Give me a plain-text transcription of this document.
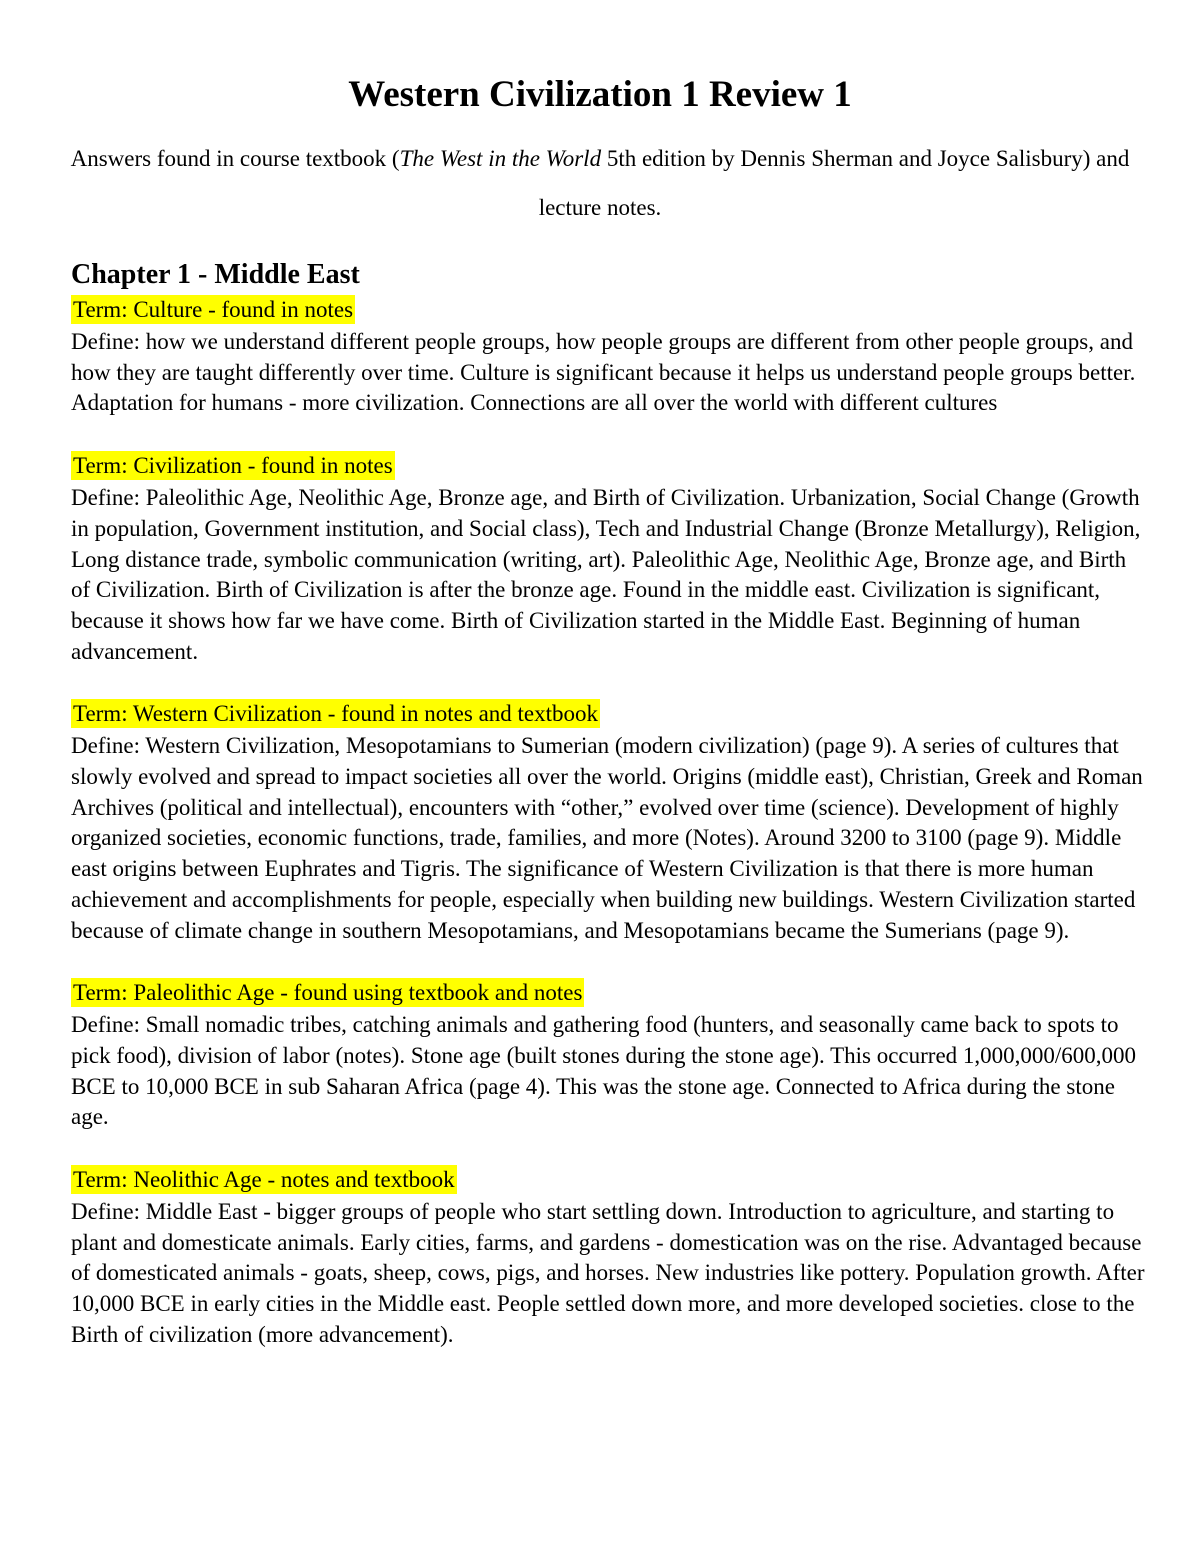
Western Civilization 1 Review 1

Answers found in course textbook (The West in the World 5th edition by Dennis Sherman and Joyce Salisbury) and lecture notes.

Chapter 1 - Middle East
Term: Culture - found in notes

Define: how we understand different people groups, how people groups are different from other people groups, and how they are taught differently over time. Culture is significant because it helps us understand people groups better. Adaptation for humans - more civilization. Connections are all over the world with different cultures

Term: Civilization - found in notes

Define: Paleolithic Age, Neolithic Age, Bronze age, and Birth of Civilization. Urbanization, Social Change (Growth in population, Government institution, and Social class), Tech and Industrial Change (Bronze Metallurgy), Religion, Long distance trade, symbolic communication (writing, art). Paleolithic Age, Neolithic Age, Bronze age, and Birth of Civilization. Birth of Civilization is after the bronze age. Found in the middle east. Civilization is significant, because it shows how far we have come. Birth of Civilization started in the Middle East. Beginning of human advancement.

Term: Western Civilization - found in notes and textbook

Define: Western Civilization, Mesopotamians to Sumerian (modern civilization) (page 9). A series of cultures that slowly evolved and spread to impact societies all over the world. Origins (middle east), Christian, Greek and Roman Archives (political and intellectual), encounters with “other,” evolved over time (science). Development of highly organized societies, economic functions, trade, families, and more (Notes). Around 3200 to 3100 (page 9). Middle east origins between Euphrates and Tigris. The significance of Western Civilization is that there is more human achievement and accomplishments for people, especially when building new buildings. Western Civilization started because of climate change in southern Mesopotamians, and Mesopotamians became the Sumerians (page 9).

Term: Paleolithic Age - found using textbook and notes

Define: Small nomadic tribes, catching animals and gathering food (hunters, and seasonally came back to spots to pick food), division of labor (notes). Stone age (built stones during the stone age). This occurred 1,000,000/600,000 BCE to 10,000 BCE in sub Saharan Africa (page 4). This was the stone age. Connected to Africa during the stone age.

Term: Neolithic Age - notes and textbook

Define: Middle East - bigger groups of people who start settling down. Introduction to agriculture, and starting to plant and domesticate animals. Early cities, farms, and gardens - domestication was on the rise. Advantaged because of domesticated animals - goats, sheep, cows, pigs, and horses. New industries like pottery. Population growth. After 10,000 BCE in early cities in the Middle east. People settled down more, and more developed societies. close to the Birth of civilization (more advancement).
